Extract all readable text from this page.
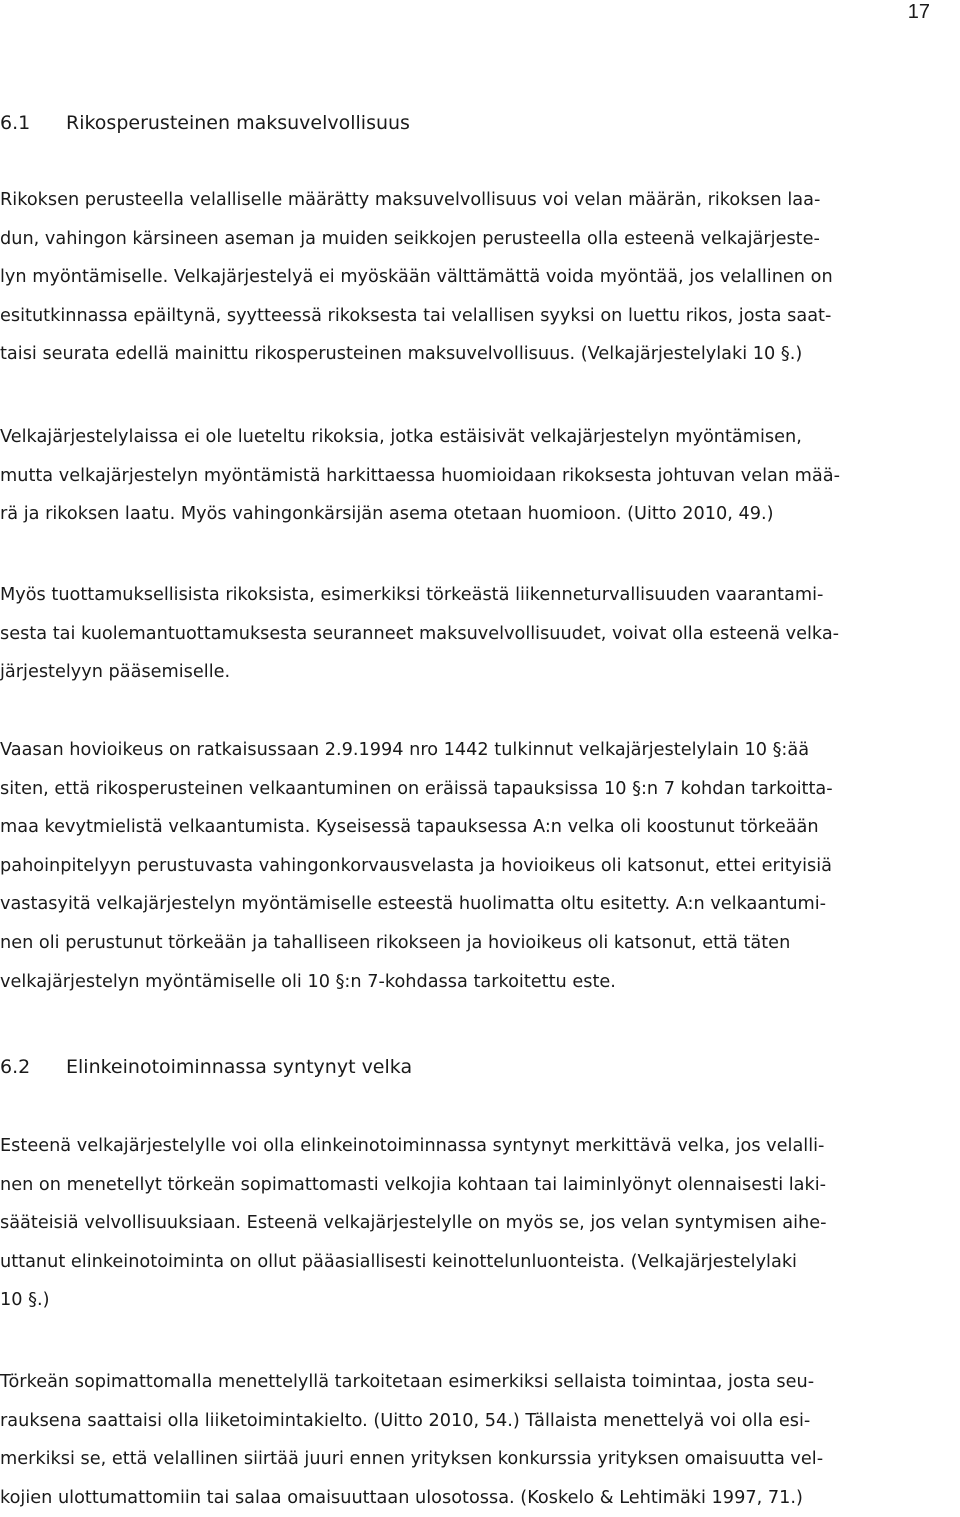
17
6.1 Rikosperusteinen maksuvelvollisuus
Rikoksen perusteella velalliselle määrätty maksuvelvollisuus voi velan määrän, rikoksen laa-
dun, vahingon kärsineen aseman ja muiden seikkojen perusteella olla esteenä velkajärjeste-
lyn myöntämiselle. Velkajärjestelyä ei myöskään välttämättä voida myöntää, jos velallinen on
esitutkinnassa epäiltynä, syytteessä rikoksesta tai velallisen syyksi on luettu rikos, josta saat-
taisi seurata edellä mainittu rikosperusteinen maksuvelvollisuus. (Velkajärjestelylaki 10 §.)
Velkajärjestelylaissa ei ole lueteltu rikoksia, jotka estäisivät velkajärjestelyn myöntämisen,
mutta velkajärjestelyn myöntämistä harkittaessa huomioidaan rikoksesta johtuvan velan mää-
rä ja rikoksen laatu. Myös vahingonkärsijän asema otetaan huomioon. (Uitto 2010, 49.)
Myös tuottamuksellisista rikoksista, esimerkiksi törkeästä liikenneturvallisuuden vaarantami-
sesta tai kuolemantuottamuksesta seuranneet maksuvelvollisuudet, voivat olla esteenä velka-
järjestelyyn pääsemiselle.
Vaasan hovioikeus on ratkaisussaan 2.9.1994 nro 1442 tulkinnut velkajärjestelylain 10 §:ää
siten, että rikosperusteinen velkaantuminen on eräissä tapauksissa 10 §:n 7 kohdan tarkoitta-
maa kevytmielistä velkaantumista. Kyseisessä tapauksessa A:n velka oli koostunut törkeään
pahoinpitelyyn perustuvasta vahingonkorvausvelasta ja hovioikeus oli katsonut, ettei erityisiä
vastasyitä velkajärjestelyn myöntämiselle esteestä huolimatta oltu esitetty. A:n velkaantumi-
nen oli perustunut törkeään ja tahalliseen rikokseen ja hovioikeus oli katsonut, että täten
velkajärjestelyn myöntämiselle oli 10 §:n 7-kohdassa tarkoitettu este.
6.2 Elinkeinotoiminnassa syntynyt velka
Esteenä velkajärjestelylle voi olla elinkeinotoiminnassa syntynyt merkittävä velka, jos velalli-
nen on menetellyt törkeän sopimattomasti velkojia kohtaan tai laiminlyönyt olennaisesti laki-
sääteisiä velvollisuuksiaan. Esteenä velkajärjestelylle on myös se, jos velan syntymisen aihe-
uttanut elinkeinotoiminta on ollut pääasiallisesti keinottelunluonteista. (Velkajärjestelylaki
10 §.)
Törkeän sopimattomalla menettelyllä tarkoitetaan esimerkiksi sellaista toimintaa, josta seu-
rauksena saattaisi olla liiketoimintakielto. (Uitto 2010, 54.) Tällaista menettelyä voi olla esi-
merkiksi se, että velallinen siirtää juuri ennen yrityksen konkurssia yrityksen omaisuutta vel-
kojien ulottumattomiin tai salaa omaisuuttaan ulosotossa. (Koskelo & Lehtimäki 1997, 71.)
